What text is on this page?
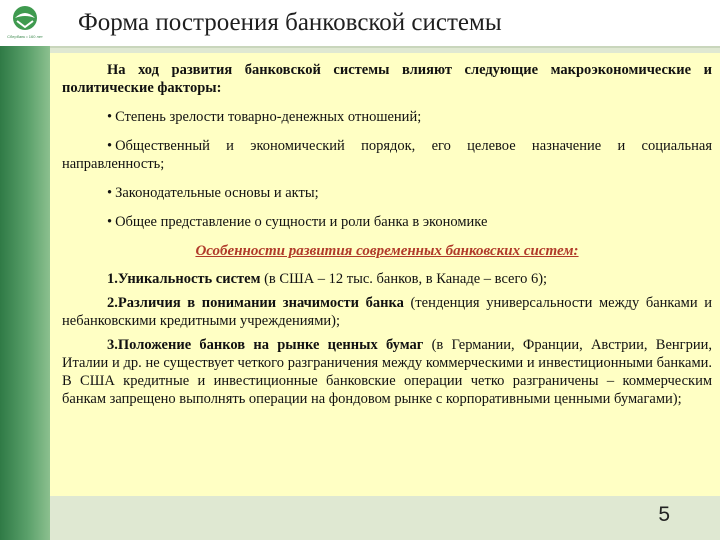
Сбербанк • 160 лет
Форма построения банковской системы

На ход развития банковской системы влияют следующие макроэкономические и политические факторы:

• Степень зрелости товарно-денежных отношений;

• Общественный и экономический порядок, его целевое назначение и социальная направленность;

• Законодательные основы и акты;

• Общее представление о сущности и роли банка в экономике

Особенности развития современных банковских систем:

1.Уникальность систем (в США – 12 тыс. банков, в Канаде – всего 6);

2.Различия в понимании значимости банка (тенденция универсальности между банками и небанковскими кредитными учреждениями);

3.Положение банков на рынке ценных бумаг (в Германии, Франции, Австрии, Венгрии, Италии и др. не существует четкого разграничения между коммерческими и инвестиционными банками. В США кредитные и инвестиционные банковские операции четко разграничены – коммерческим банкам запрещено выполнять операции на фондовом рынке с корпоративными ценными бумагами);

5
